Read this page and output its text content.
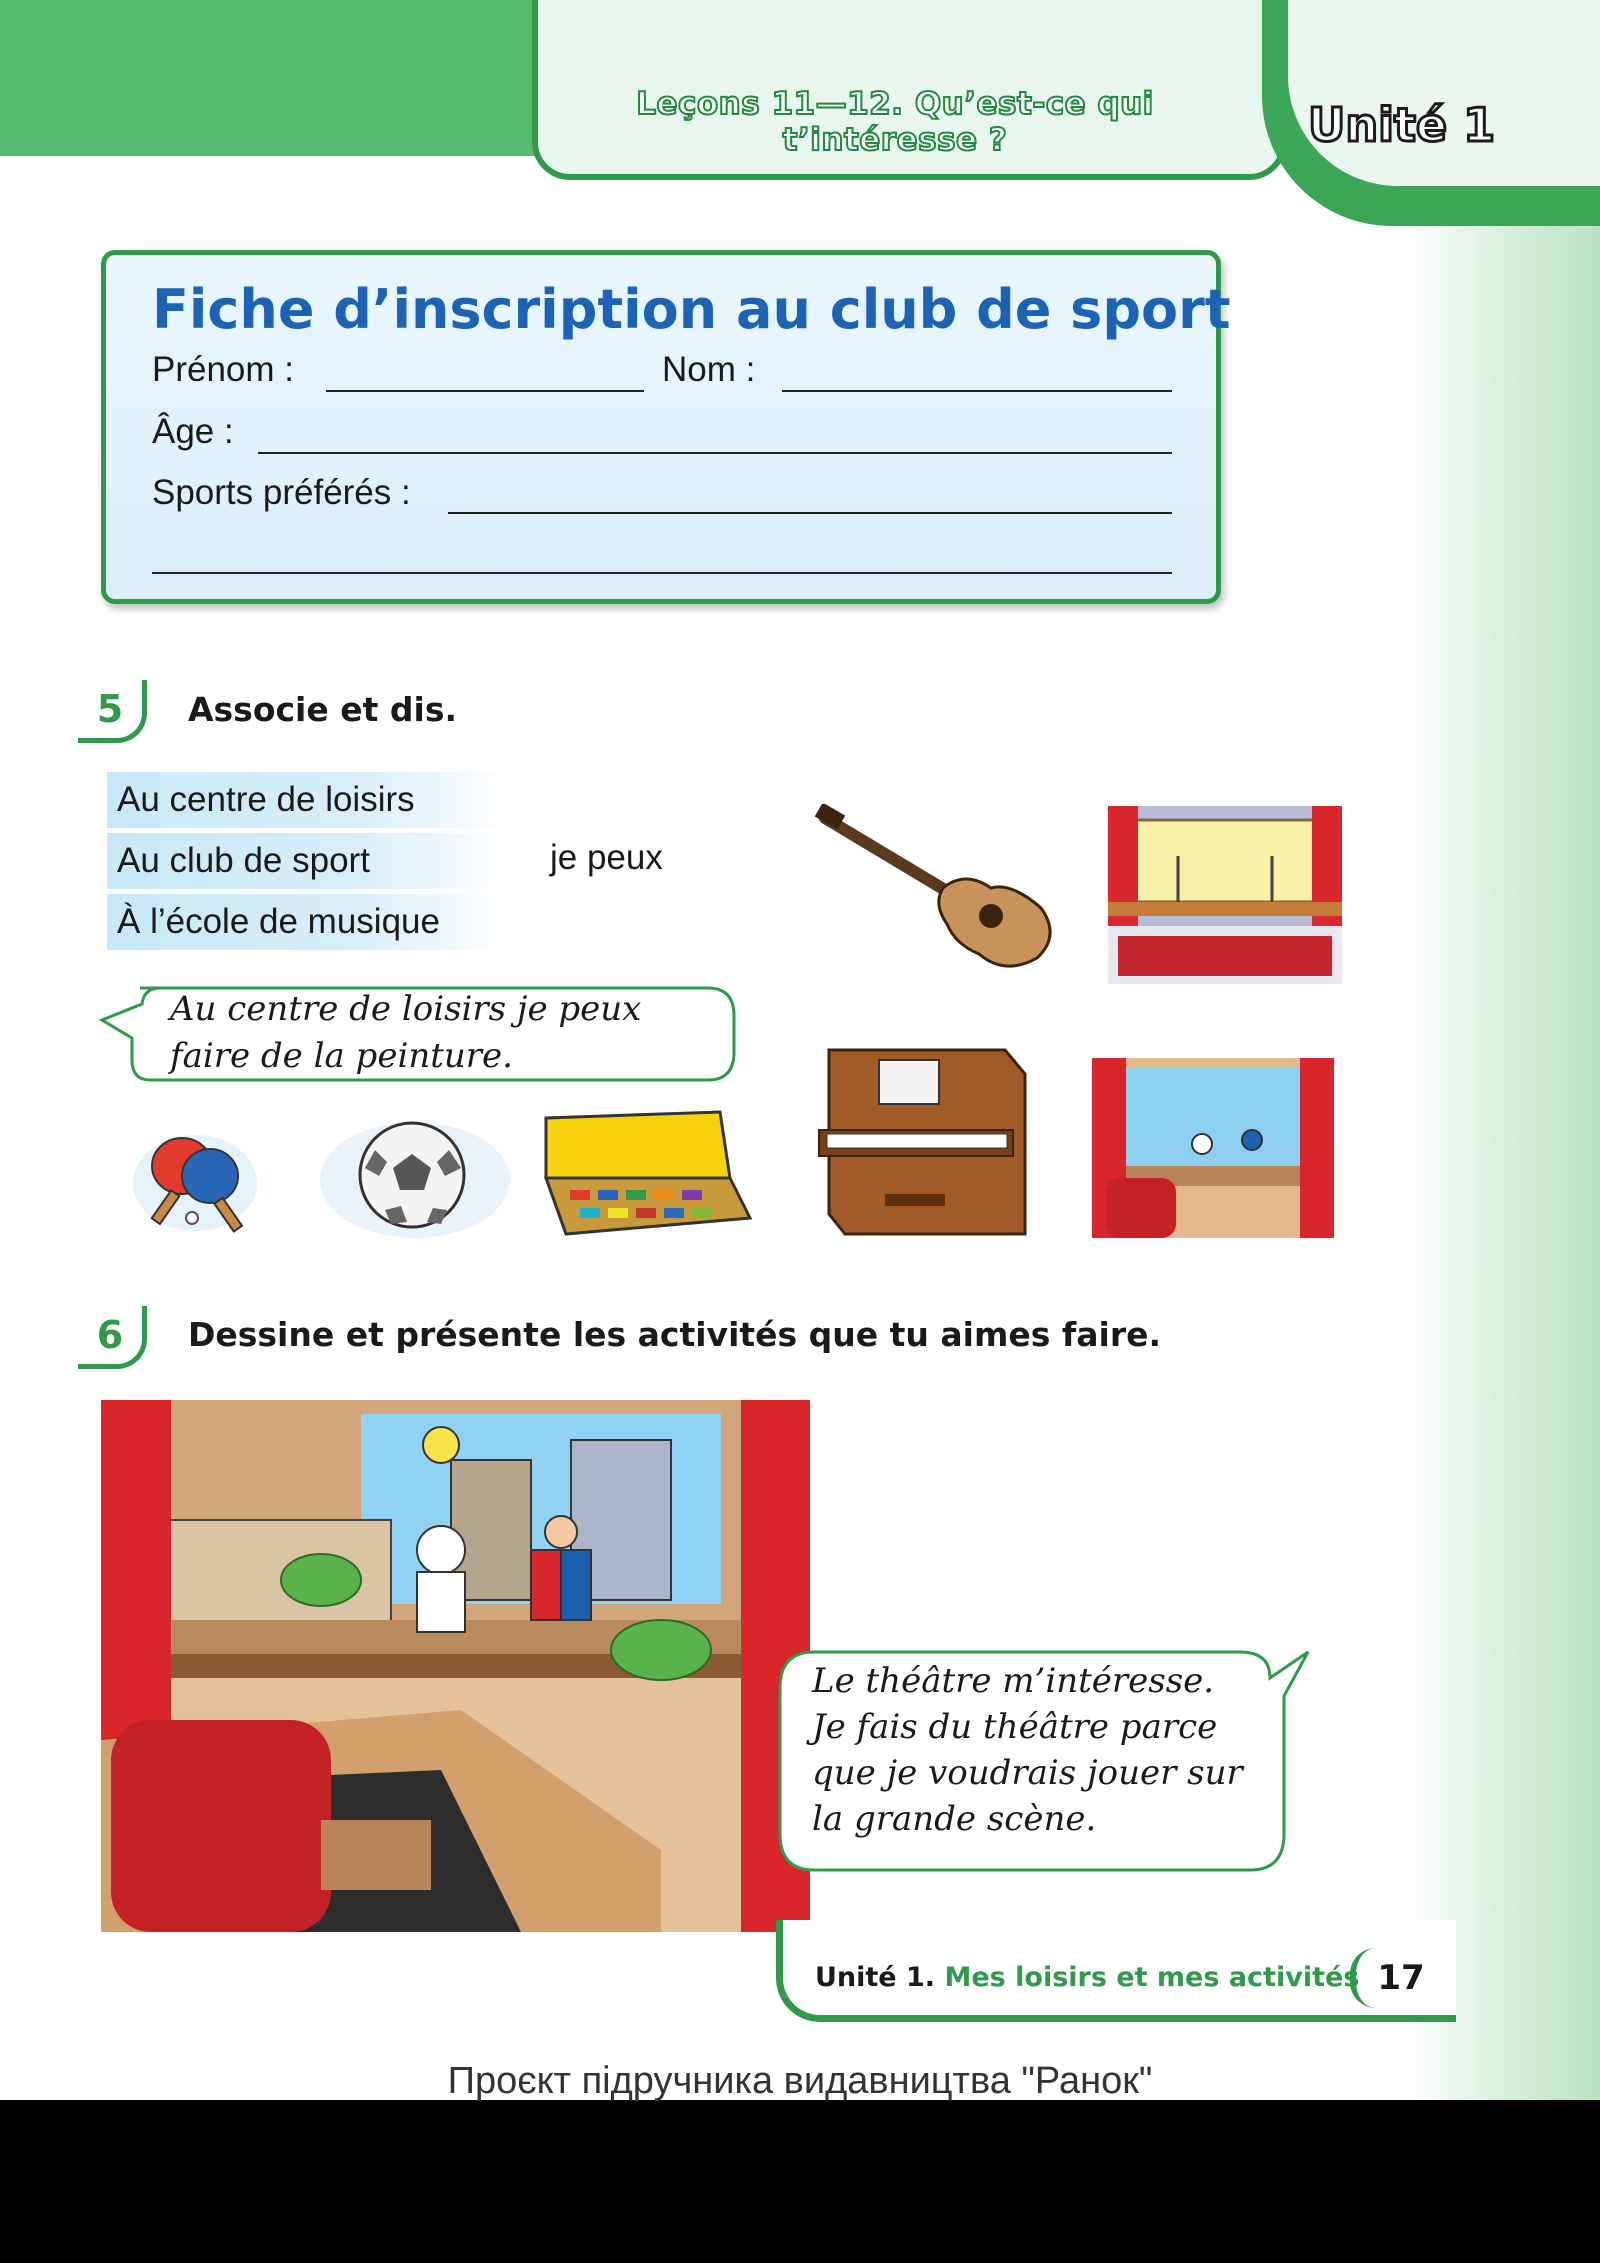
Leçons 11—12. Qu’est-ce qui t’intéresse ?	Unité 1
Fiche d’inscription au club de sport
Prénom :	Nom :
Âge :
Sports préférés :
5	Associe et dis.
Au centre de loisirs
Au club de sport
À l’école de musique
je peux
Au centre de loisirs je peux
faire de la peinture.
6	Dessine et présente les activités que tu aimes faire.
Le théâtre m’intéresse.
Je fais du théâtre parce
que je voudrais jouer sur
la grande scène.
Unité 1. Mes loisirs et mes activités 17
Проєкт підручника видавництва "Ранок"
